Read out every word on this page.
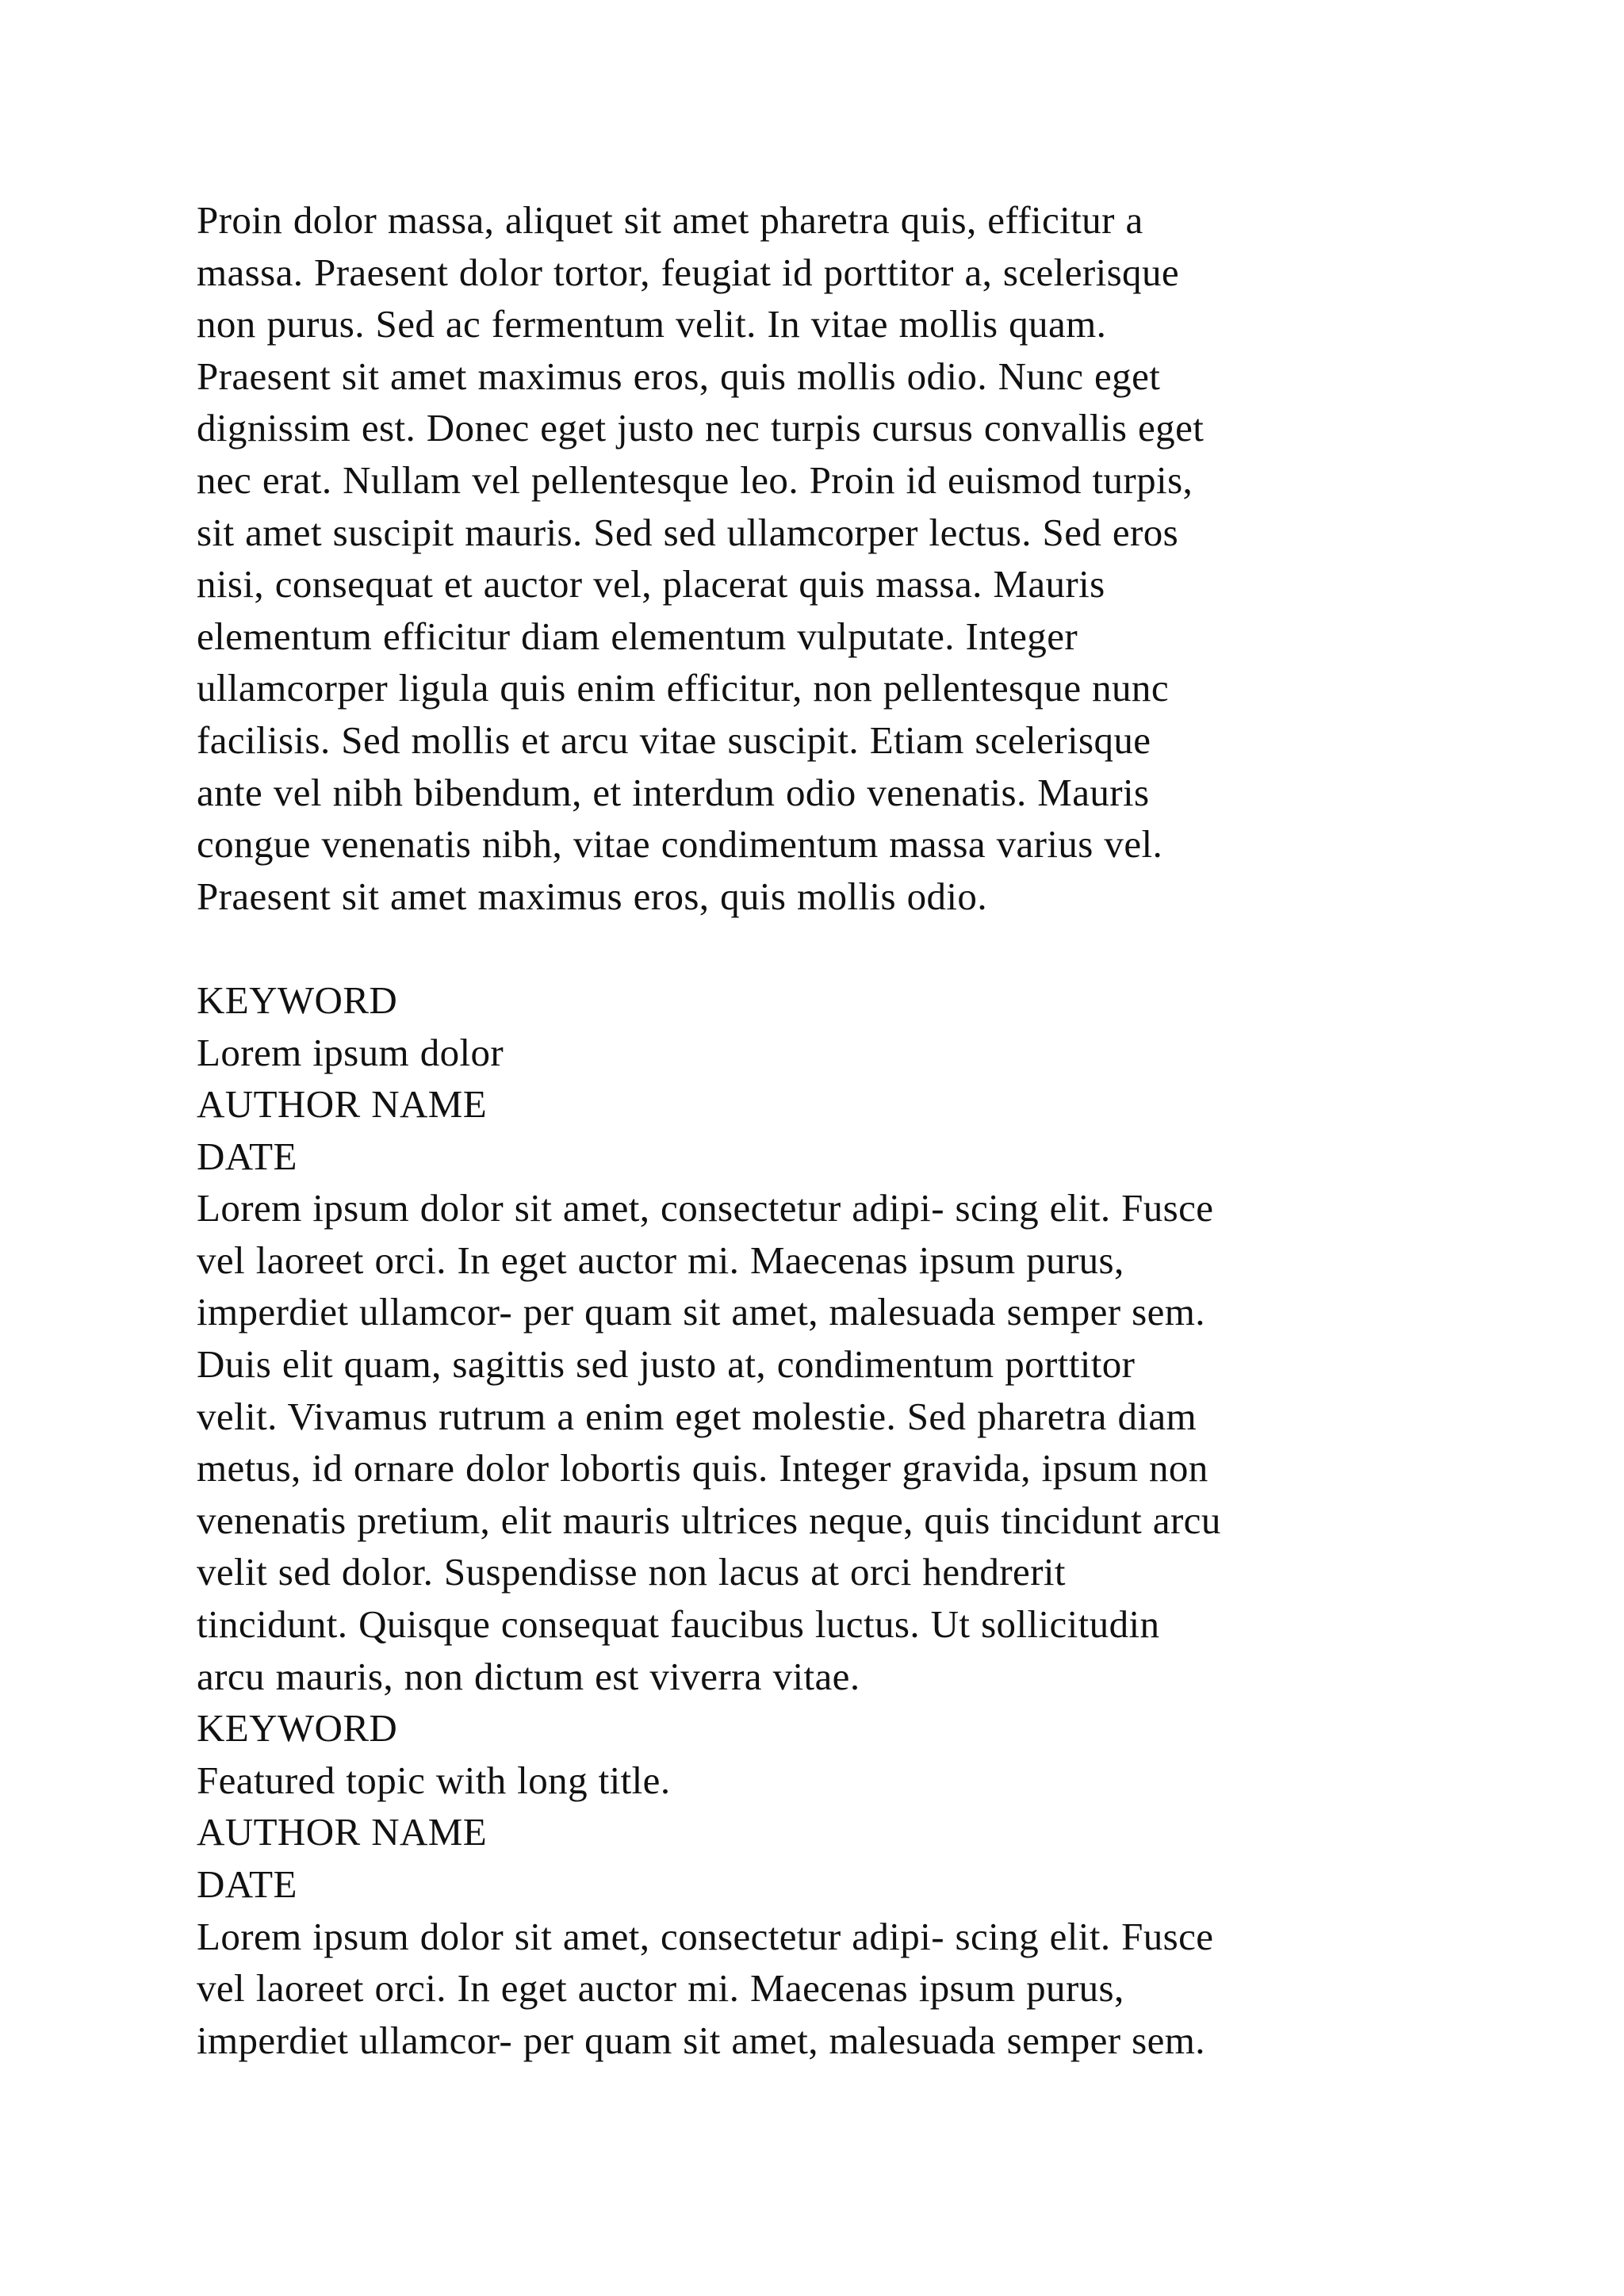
Proin dolor massa, aliquet sit amet pharetra quis, efficitur a
massa. Praesent dolor tortor, feugiat id porttitor a, scelerisque
non purus. Sed ac fermentum velit. In vitae mollis quam.
Praesent sit amet maximus eros, quis mollis odio. Nunc eget
dignissim est. Donec eget justo nec turpis cursus convallis eget
nec erat. Nullam vel pellentesque leo. Proin id euismod turpis,
sit amet suscipit mauris. Sed sed ullamcorper lectus. Sed eros
nisi, consequat et auctor vel, placerat quis massa. Mauris
elementum efficitur diam elementum vulputate. Integer
ullamcorper ligula quis enim efficitur, non pellentesque nunc
facilisis. Sed mollis et arcu vitae suscipit. Etiam scelerisque
ante vel nibh bibendum, et interdum odio venenatis. Mauris
congue venenatis nibh, vitae condimentum massa varius vel.
Praesent sit amet maximus eros, quis mollis odio.
KEYWORD
Lorem ipsum dolor
AUTHOR NAME
DATE
Lorem ipsum dolor sit amet, consectetur adipi- scing elit. Fusce
vel laoreet orci. In eget auctor mi. Maecenas ipsum purus,
imperdiet ullamcor- per quam sit amet, malesuada semper sem.
Duis elit quam, sagittis sed justo at, condimentum porttitor
velit. Vivamus rutrum a enim eget molestie. Sed pharetra diam
metus, id ornare dolor lobortis quis. Integer gravida, ipsum non
venenatis pretium, elit mauris ultrices neque, quis tincidunt arcu
velit sed dolor. Suspendisse non lacus at orci hendrerit
tincidunt. Quisque consequat faucibus luctus. Ut sollicitudin
arcu mauris, non dictum est viverra vitae.
KEYWORD
Featured topic with long title.
AUTHOR NAME
DATE
Lorem ipsum dolor sit amet, consectetur adipi- scing elit. Fusce
vel laoreet orci. In eget auctor mi. Maecenas ipsum purus,
imperdiet ullamcor- per quam sit amet, malesuada semper sem.
